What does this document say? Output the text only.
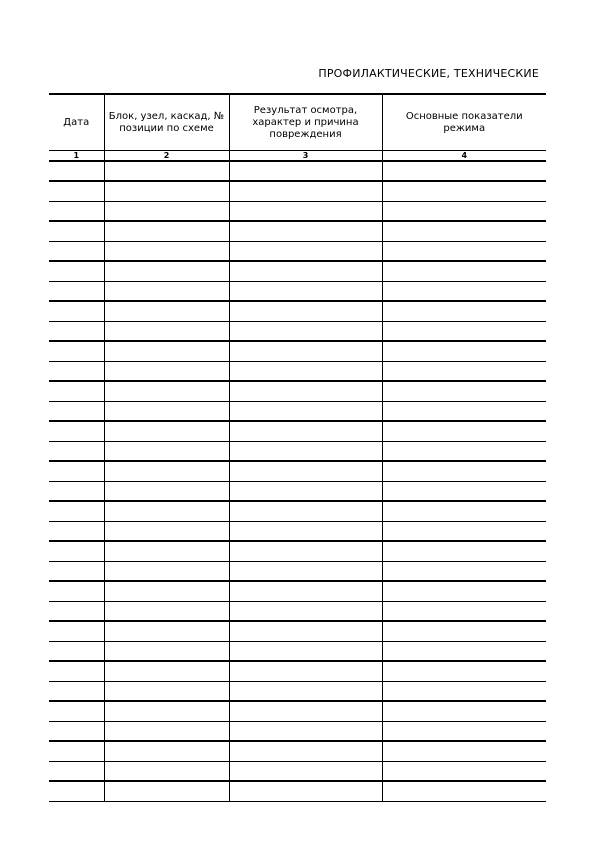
ПРОФИЛАКТИЧЕСКИЕ, ТЕХНИЧЕСКИЕ
Дата	Блок, узел, каскад, № позиции по схеме	Результат осмотра, характер и причина повреждения	Основные показатели режима
1	2	3	4
